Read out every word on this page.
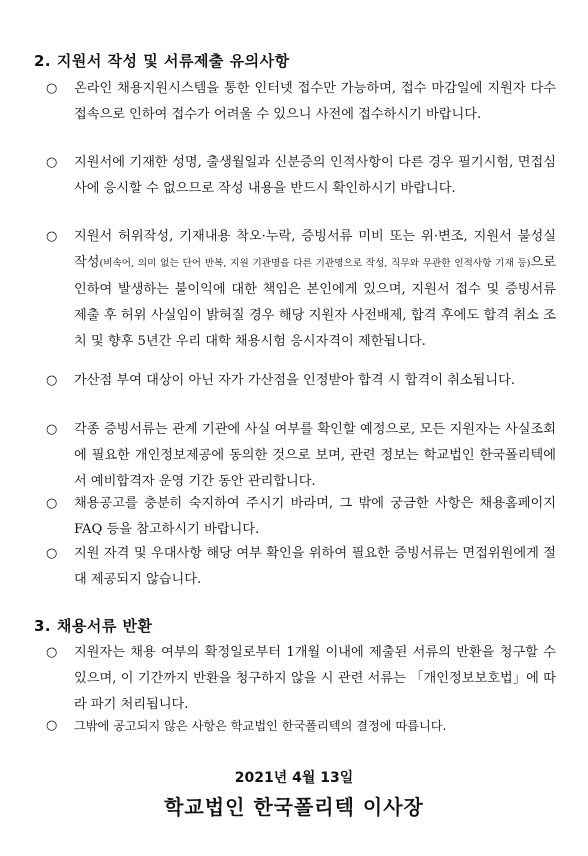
2. 지원서 작성 및 서류제출 유의사항
○ 온라인 채용지원시스템을 통한 인터넷 접수만 가능하며, 접수 마감일에 지원자 다수 접속으로 인하여 접수가 어려울 수 있으니 사전에 접수하시기 바랍니다.
○ 지원서에 기재한 성명, 출생월일과 신분증의 인적사항이 다른 경우 필기시험, 면접심사에 응시할 수 없으므로 작성 내용을 반드시 확인하시기 바랍니다.
○ 지원서 허위작성, 기재내용 착오·누락, 증빙서류 미비 또는 위·변조, 지원서 불성실 작성(비속어, 의미 없는 단어 반복, 지원 기관명을 다른 기관명으로 작성, 직무와 무관한 인적사항 기재 등)으로 인하여 발생하는 불이익에 대한 책임은 본인에게 있으며, 지원서 접수 및 증빙서류 제출 후 허위 사실임이 밝혀질 경우 해당 지원자 사전배제, 합격 후에도 합격 취소 조치 및 향후 5년간 우리 대학 채용시험 응시자격이 제한됩니다.
○ 가산점 부여 대상이 아닌 자가 가산점을 인정받아 합격 시 합격이 취소됩니다.
○ 각종 증빙서류는 관계 기관에 사실 여부를 확인할 예정으로, 모든 지원자는 사실조회에 필요한 개인정보제공에 동의한 것으로 보며, 관련 정보는 학교법인 한국폴리텍에서 예비합격자 운영 기간 동안 관리합니다.
○ 채용공고를 충분히 숙지하여 주시기 바라며, 그 밖에 궁금한 사항은 채용홈페이지 FAQ 등을 참고하시기 바랍니다.
○ 지원 자격 및 우대사항 해당 여부 확인을 위하여 필요한 증빙서류는 면접위원에게 절대 제공되지 않습니다.
3. 채용서류 반환
○ 지원자는 채용 여부의 확정일로부터 1개월 이내에 제출된 서류의 반환을 청구할 수 있으며, 이 기간까지 반환을 청구하지 않을 시 관련 서류는 「개인정보보호법」에 따라 파기 처리됩니다.
○ 그밖에 공고되지 않은 사항은 학교법인 한국폴리텍의 결정에 따릅니다.
2021년 4월 13일
학교법인 한국폴리텍 이사장
